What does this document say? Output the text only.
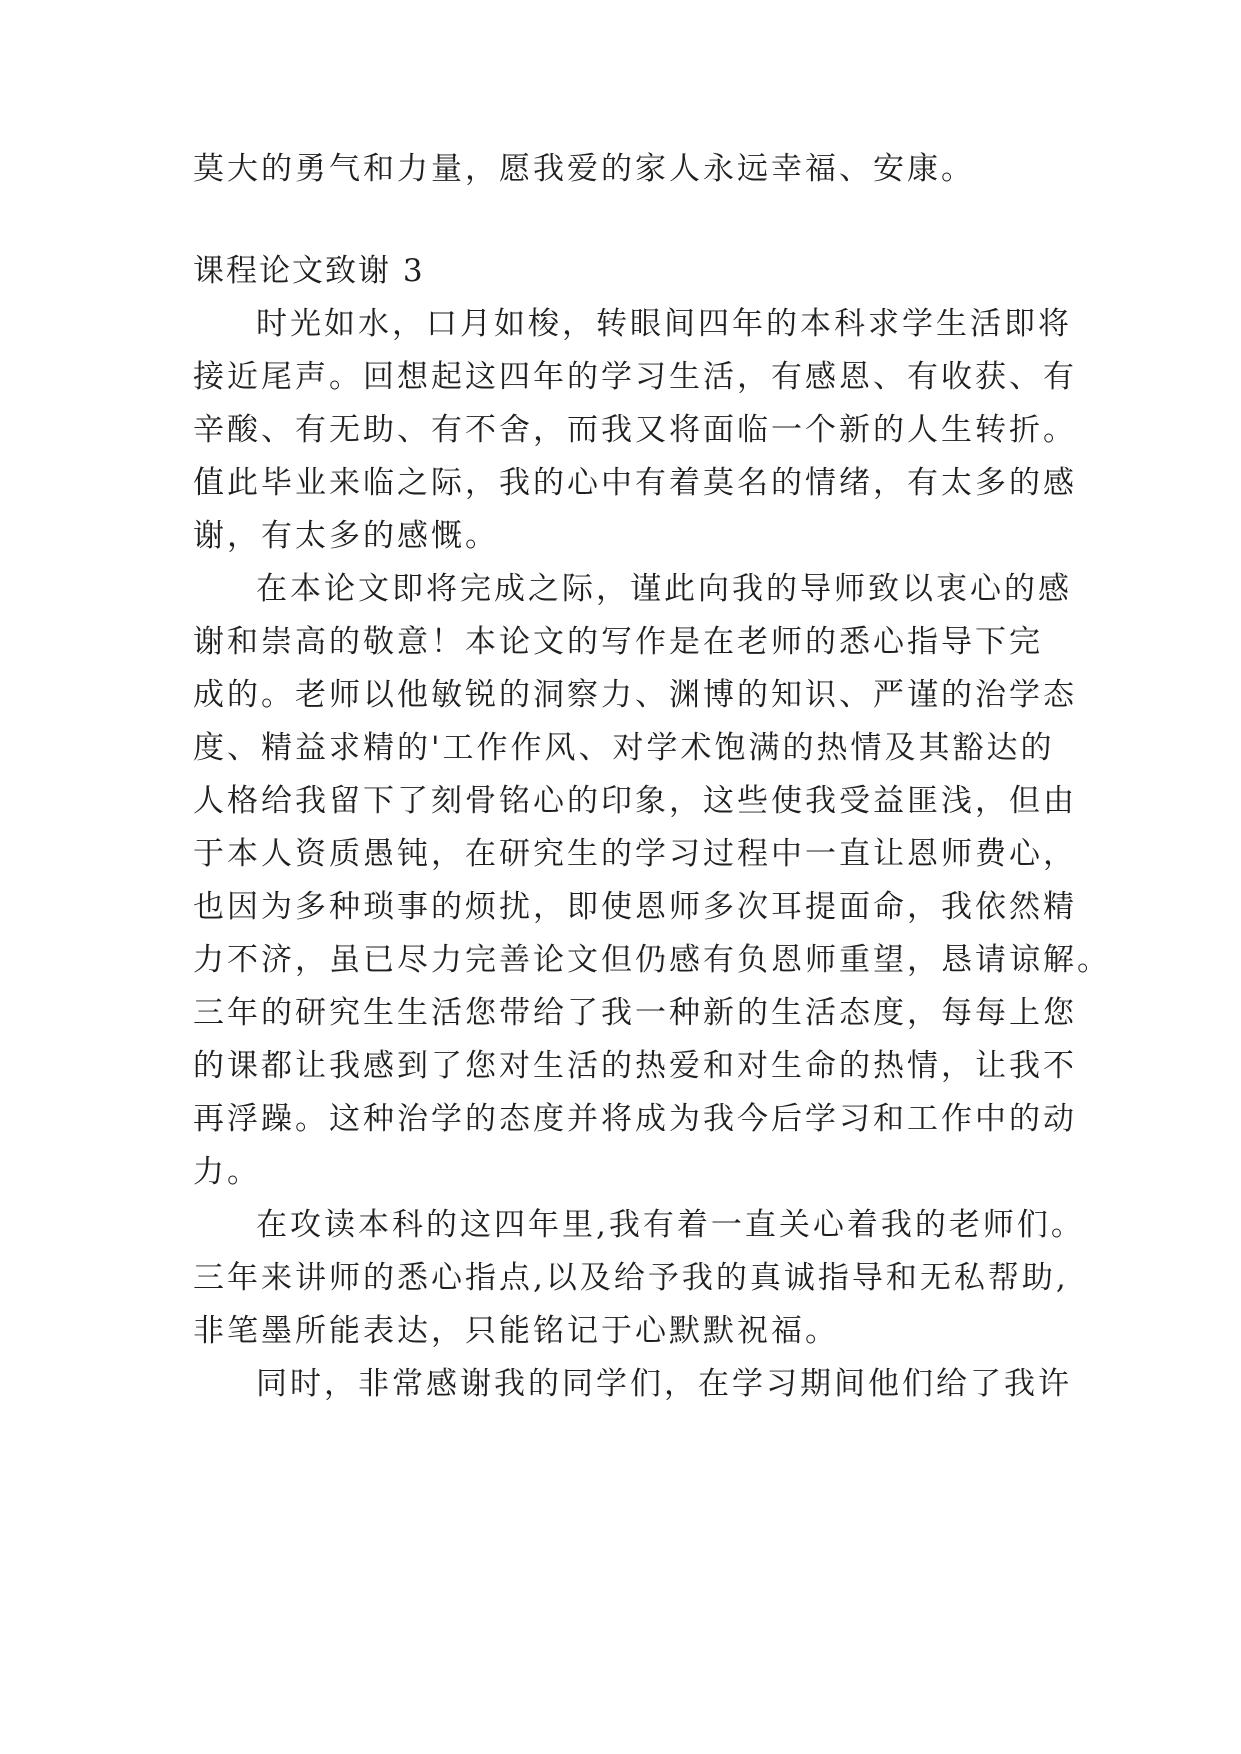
莫大的勇气和力量，愿我爱的家人永远幸福、安康。

课程论文致谢 3

时光如水，口月如梭，转眼间四年的本科求学生活即将

接近尾声。回想起这四年的学习生活，有感恩、有收获、有

辛酸、有无助、有不舍，而我又将面临一个新的人生转折。

值此毕业来临之际，我的心中有着莫名的情绪，有太多的感

谢，有太多的感慨。

在本论文即将完成之际，谨此向我的导师致以衷心的感

谢和崇高的敬意！本论文的写作是在老师的悉心指导下完

成的。老师以他敏锐的洞察力、渊博的知识、严谨的治学态

度、精益求精的'工作作风、对学术饱满的热情及其豁达的

人格给我留下了刻骨铭心的印象，这些使我受益匪浅，但由

于本人资质愚钝，在研究生的学习过程中一直让恩师费心，

也因为多种琐事的烦扰，即使恩师多次耳提面命，我依然精

力不济，虽已尽力完善论文但仍感有负恩师重望，恳请谅解。

三年的研究生生活您带给了我一种新的生活态度，每每上您

的课都让我感到了您对生活的热爱和对生命的热情，让我不

再浮躁。这种治学的态度并将成为我今后学习和工作中的动

力。

在攻读本科的这四年里,我有着一直关心着我的老师们。

三年来讲师的悉心指点,以及给予我的真诚指导和无私帮助,

非笔墨所能表达，只能铭记于心默默祝福。

同时，非常感谢我的同学们，在学习期间他们给了我许
